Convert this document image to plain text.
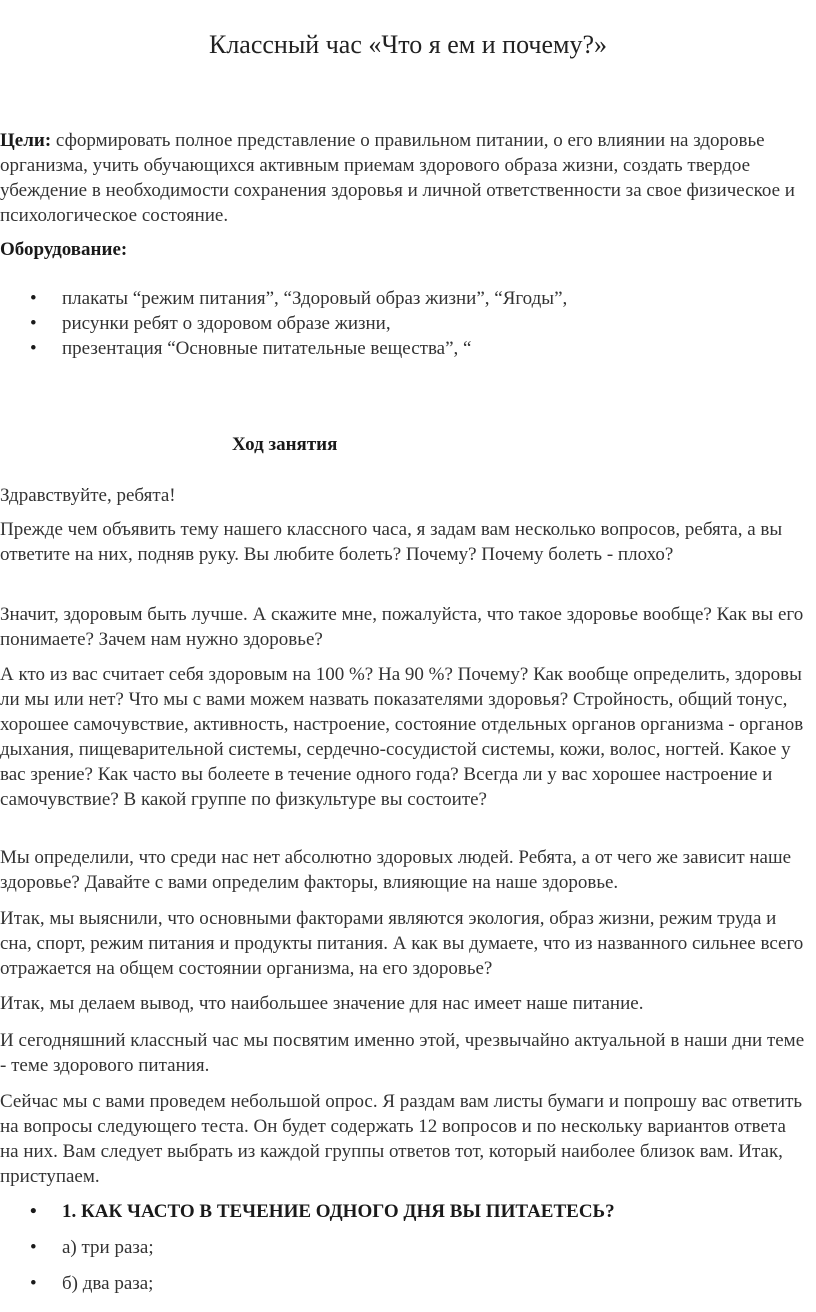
Классный час «Что я ем и почему?»

Цели: сформировать полное представление о правильном питании, о его влиянии на здоровье организма, учить обучающихся активным приемам здорового образа жизни, создать твердое убеждение в необходимости сохранения здоровья и личной ответственности за свое физическое и психологическое состояние.

Оборудование:

• плакаты “режим питания”, “Здоровый образ жизни”, “Ягоды”,
• рисунки ребят о здоровом образе жизни,
• презентация “Основные питательные вещества”, “
Ход занятия

Здравствуйте, ребята!

Прежде чем объявить тему нашего классного часа, я задам вам несколько вопросов, ребята, а вы ответите на них, подняв руку. Вы любите болеть? Почему? Почему болеть - плохо?

Значит, здоровым быть лучше. А скажите мне, пожалуйста, что такое здоровье вообще? Как вы его понимаете? Зачем нам нужно здоровье?

А кто из вас считает себя здоровым на 100 %? На 90 %? Почему? Как вообще определить, здоровы ли мы или нет? Что мы с вами можем назвать показателями здоровья? Стройность, общий тонус, хорошее самочувствие, активность, настроение, состояние отдельных органов организма - органов дыхания, пищеварительной системы, сердечно-сосудистой системы, кожи, волос, ногтей. Какое у вас зрение? Как часто вы болеете в течение одного года? Всегда ли у вас хорошее настроение и самочувствие? В какой группе по физкультуре вы состоите?

Мы определили, что среди нас нет абсолютно здоровых людей. Ребята, а от чего же зависит наше здоровье? Давайте с вами определим факторы, влияющие на наше здоровье.

Итак, мы выяснили, что основными факторами являются экология, образ жизни, режим труда и сна, спорт, режим питания и продукты питания. А как вы думаете, что из названного сильнее всего отражается на общем состоянии организма, на его здоровье?

Итак, мы делаем вывод, что наибольшее значение для нас имеет наше питание.

И сегодняшний классный час мы посвятим именно этой, чрезвычайно актуальной в наши дни теме - теме здорового питания.

Сейчас мы с вами проведем небольшой опрос. Я раздам вам листы бумаги и попрошу вас ответить на вопросы следующего теста. Он будет содержать 12 вопросов и по нескольку вариантов ответа на них. Вам следует выбрать из каждой группы ответов тот, который наиболее близок вам. Итак, приступаем.

• 1. КАК ЧАСТО В ТЕЧЕНИЕ ОДНОГО ДНЯ ВЫ ПИТАЕТЕСЬ?
• а) три раза;
• б) два раза;
